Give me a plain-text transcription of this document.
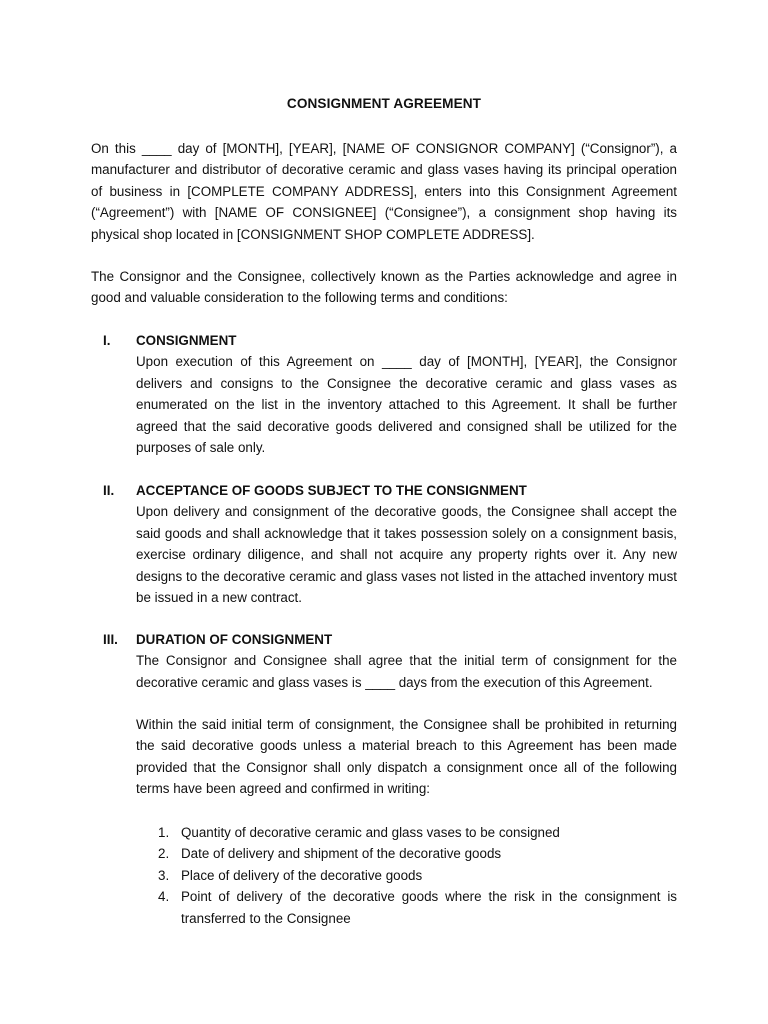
CONSIGNMENT AGREEMENT

On this ____ day of [MONTH], [YEAR], [NAME OF CONSIGNOR COMPANY] (“Consignor”), a manufacturer and distributor of decorative ceramic and glass vases having its principal operation of business in [COMPLETE COMPANY ADDRESS], enters into this Consignment Agreement (“Agreement”) with [NAME OF CONSIGNEE] (“Consignee”), a consignment shop having its physical shop located in [CONSIGNMENT SHOP COMPLETE ADDRESS].

The Consignor and the Consignee, collectively known as the Parties acknowledge and agree in good and valuable consideration to the following terms and conditions:

I. CONSIGNMENT

Upon execution of this Agreement on ____ day of [MONTH], [YEAR], the Consignor delivers and consigns to the Consignee the decorative ceramic and glass vases as enumerated on the list in the inventory attached to this Agreement. It shall be further agreed that the said decorative goods delivered and consigned shall be utilized for the purposes of sale only.

II. ACCEPTANCE OF GOODS SUBJECT TO THE CONSIGNMENT

Upon delivery and consignment of the decorative goods, the Consignee shall accept the said goods and shall acknowledge that it takes possession solely on a consignment basis, exercise ordinary diligence, and shall not acquire any property rights over it. Any new designs to the decorative ceramic and glass vases not listed in the attached inventory must be issued in a new contract.

III. DURATION OF CONSIGNMENT

The Consignor and Consignee shall agree that the initial term of consignment for the decorative ceramic and glass vases is ____ days from the execution of this Agreement.

Within the said initial term of consignment, the Consignee shall be prohibited in returning the said decorative goods unless a material breach to this Agreement has been made provided that the Consignor shall only dispatch a consignment once all of the following terms have been agreed and confirmed in writing:

1. Quantity of decorative ceramic and glass vases to be consigned
2. Date of delivery and shipment of the decorative goods
3. Place of delivery of the decorative goods
4. Point of delivery of the decorative goods where the risk in the consignment is transferred to the Consignee
